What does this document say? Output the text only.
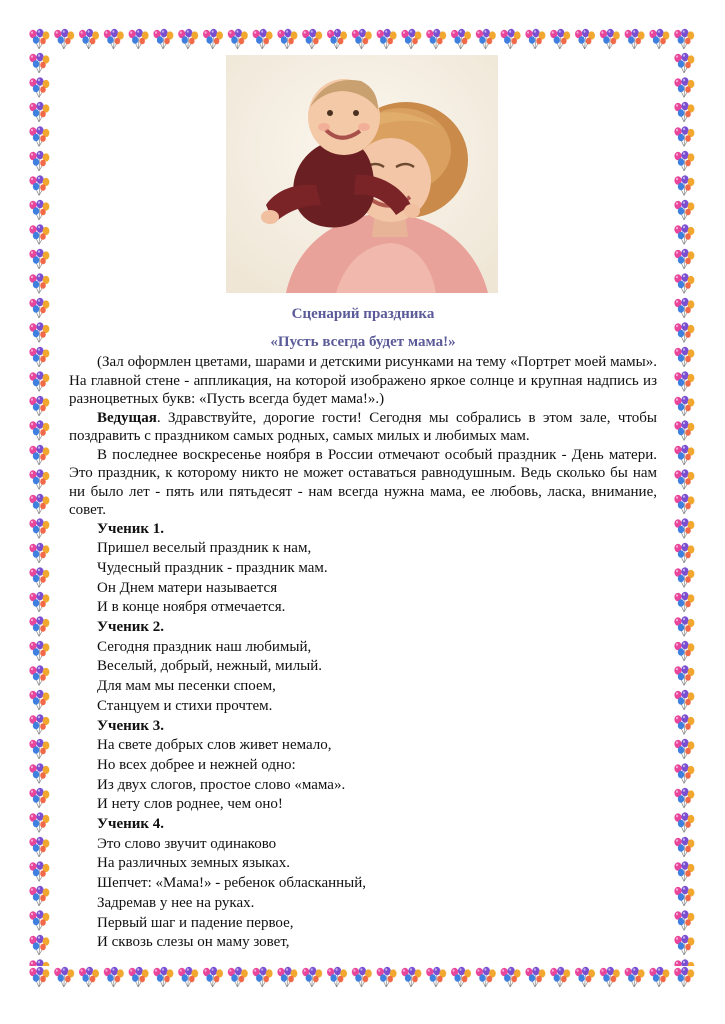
Сценарий праздника
«Пусть всегда будет мама!»

(Зал оформлен цветами, шарами и детскими рисунками на тему «Портрет моей мамы». На главной стене - аппликация, на которой изображено яркое солнце и крупная надпись из разноцветных букв: «Пусть всегда будет мама!».)

Ведущая. Здравствуйте, дорогие гости! Сегодня мы собрались в этом зале, чтобы поздравить с праздником самых родных, самых милых и любимых мам.

В последнее воскресенье ноября в России отмечают особый праздник - День матери. Это праздник, к которому никто не может оставаться равнодушным. Ведь сколько бы нам ни было лет - пять или пятьдесят - нам всегда нужна мама, ее любовь, ласка, внимание, совет.

Ученик 1.
Пришел веселый праздник к нам,
Чудесный праздник - праздник мам.
Он Днем матери называется
И в конце ноября отмечается.
Ученик 2.
Сегодня праздник наш любимый,
Веселый, добрый, нежный, милый.
Для мам мы песенки споем,
Станцуем и стихи прочтем.
Ученик 3.
На свете добрых слов живет немало,
Но всех добрее и нежней одно:
Из двух слогов, простое слово «мама».
И нету слов роднее, чем оно!
Ученик 4.
Это слово звучит одинаково
На различных земных языках.
Шепчет: «Мама!» - ребенок обласканный,
Задремав у нее на руках.
Первый шаг и падение первое,
И сквозь слезы он маму зовет,
